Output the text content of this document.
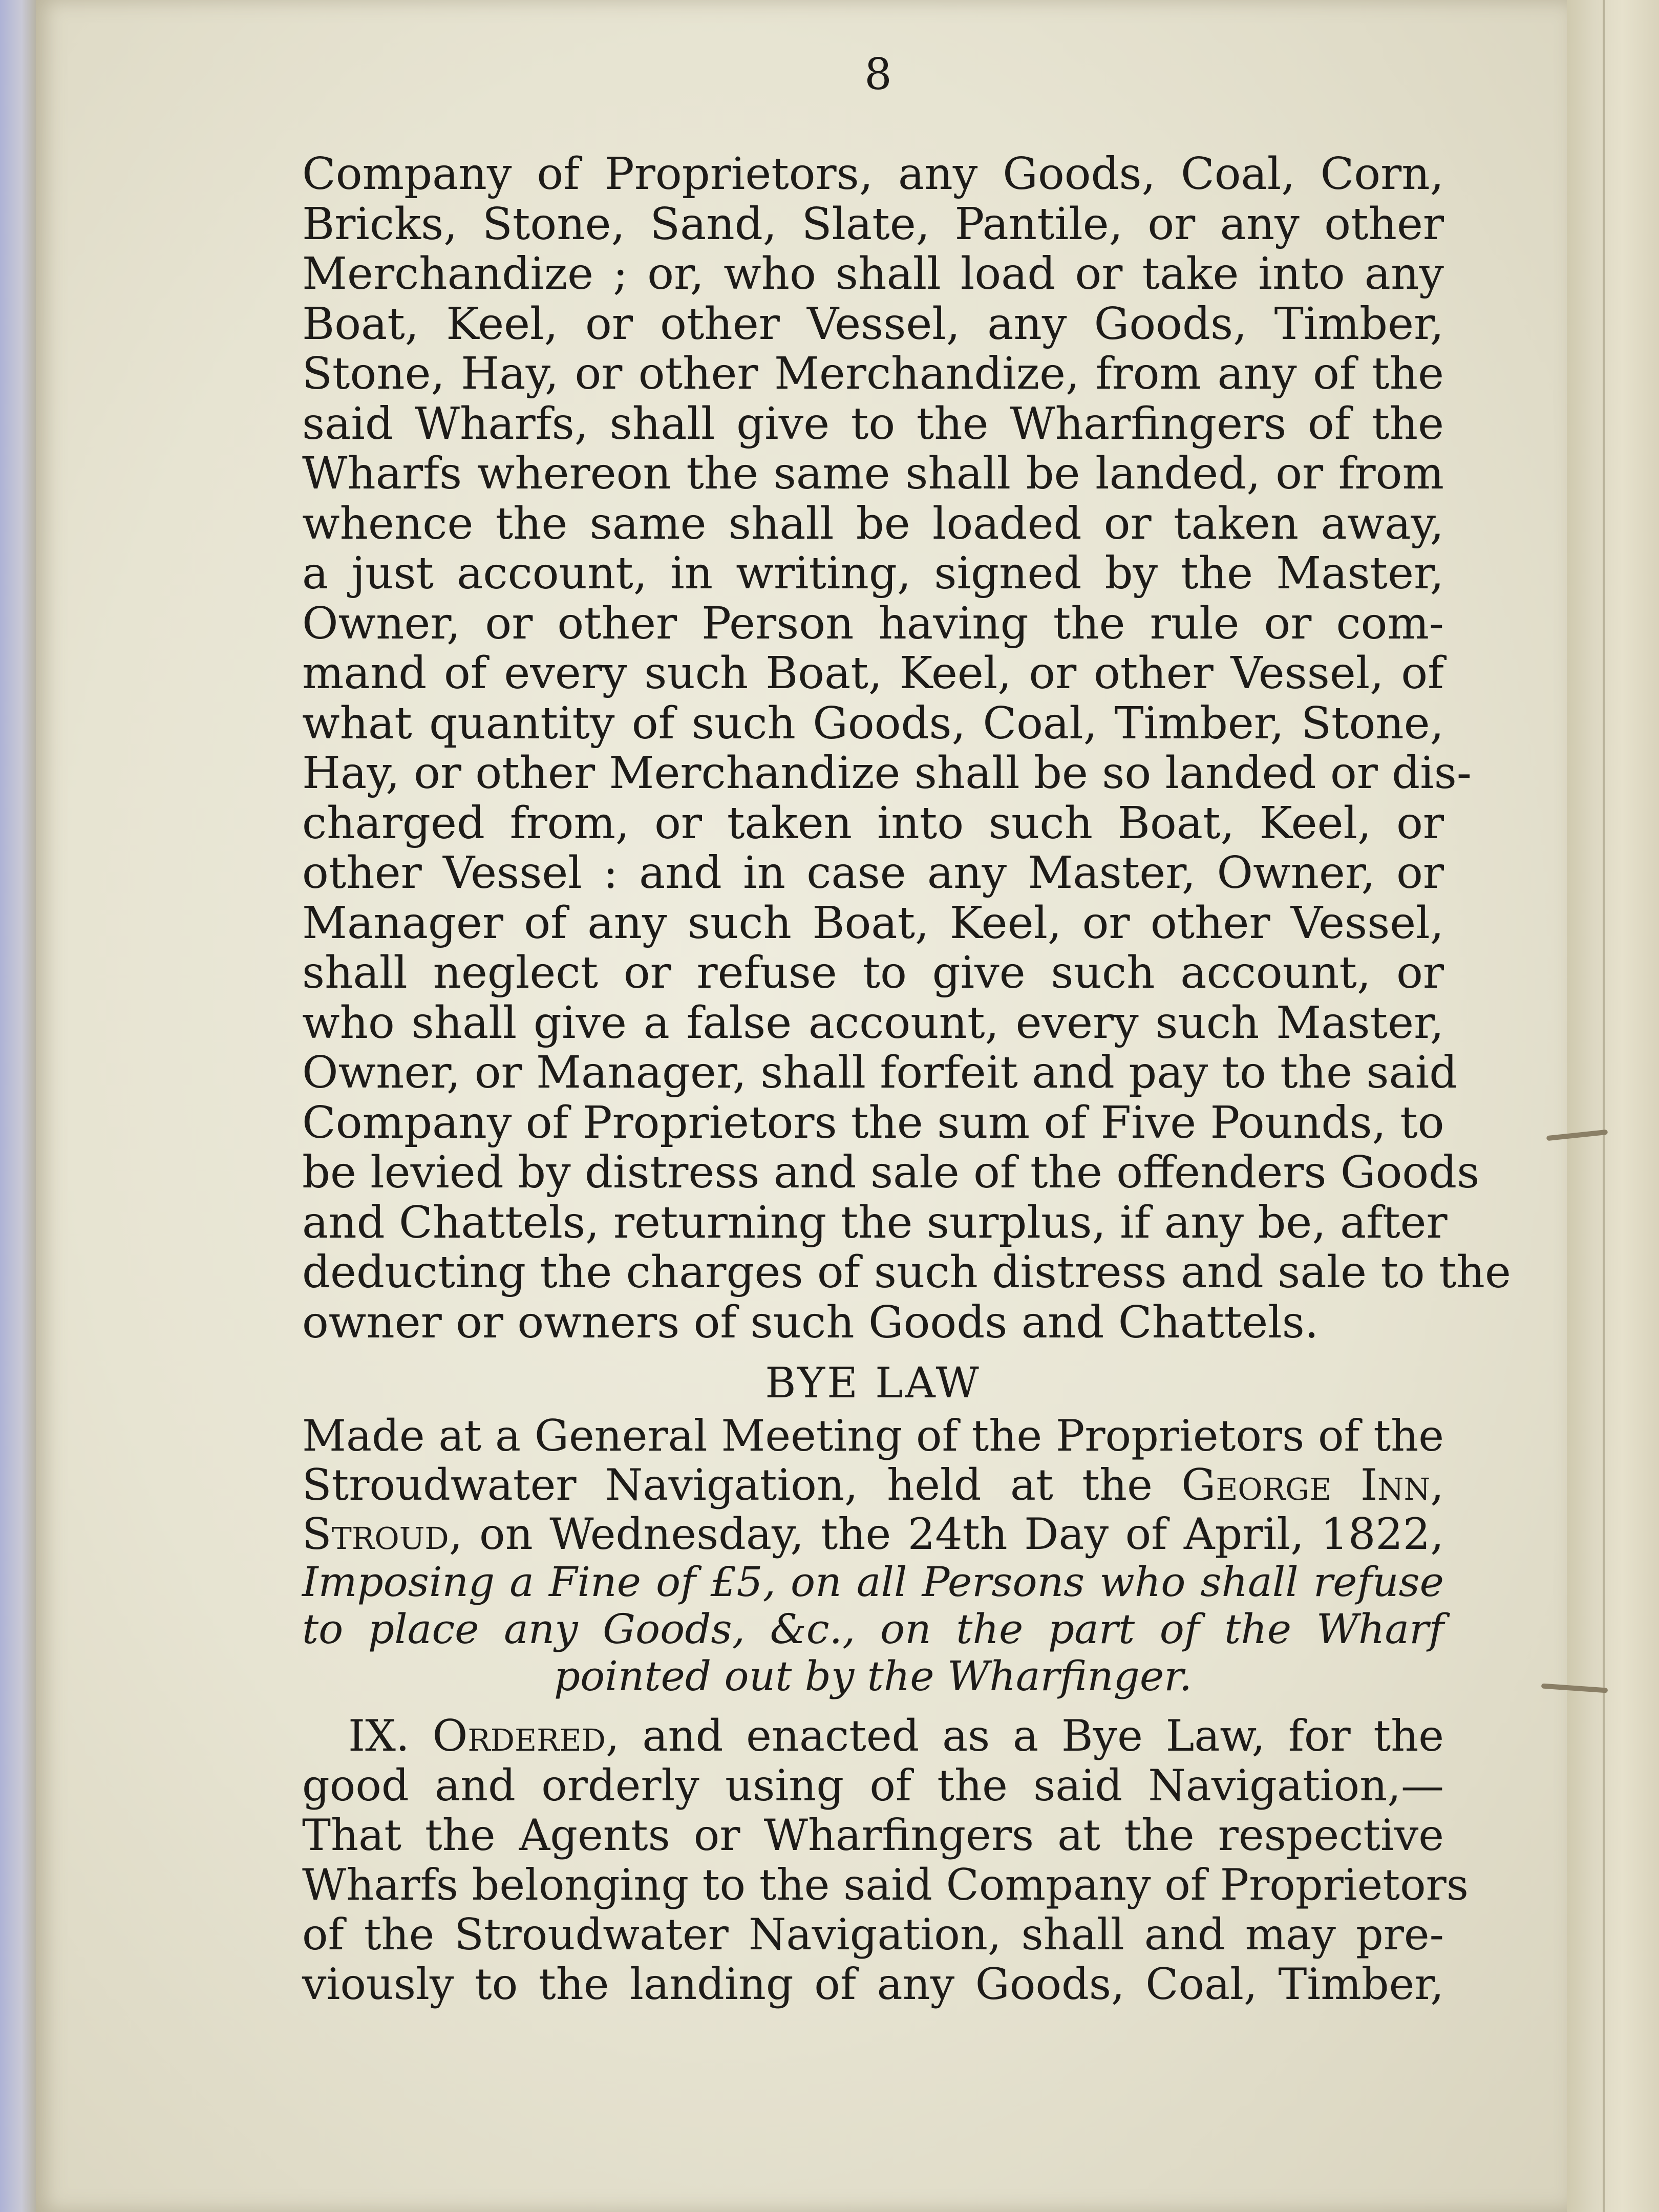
8
Company of Proprietors, any Goods, Coal, Corn,
Bricks, Stone, Sand, Slate, Pantile, or any other
Merchandize ; or, who shall load or take into any
Boat, Keel, or other Vessel, any Goods, Timber,
Stone, Hay, or other Merchandize, from any of the
said Wharfs, shall give to the Wharfingers of the
Wharfs whereon the same shall be landed, or from
whence the same shall be loaded or taken away,
a just account, in writing, signed by the Master,
Owner, or other Person having the rule or com-
mand of every such Boat, Keel, or other Vessel, of
what quantity of such Goods, Coal, Timber, Stone,
Hay, or other Merchandize shall be so landed or dis-
charged from, or taken into such Boat, Keel, or
other Vessel : and in case any Master, Owner, or
Manager of any such Boat, Keel, or other Vessel,
shall neglect or refuse to give such account, or
who shall give a false account, every such Master,
Owner, or Manager, shall forfeit and pay to the said
Company of Proprietors the sum of Five Pounds, to
be levied by distress and sale of the offenders Goods
and Chattels, returning the surplus, if any be, after
deducting the charges of such distress and sale to the
owner or owners of such Goods and Chattels.
BYE LAW
Made at a General Meeting of the Proprietors of the
Stroudwater Navigation, held at the George Inn,
Stroud, on Wednesday, the 24th Day of April, 1822,
Imposing a Fine of £5, on all Persons who shall refuse
to place any Goods, &c., on the part of the Wharf
pointed out by the Wharfinger.
IX. Ordered, and enacted as a Bye Law, for the
good and orderly using of the said Navigation,—
That the Agents or Wharfingers at the respective
Wharfs belonging to the said Company of Proprietors
of the Stroudwater Navigation, shall and may pre-
viously to the landing of any Goods, Coal, Timber,
